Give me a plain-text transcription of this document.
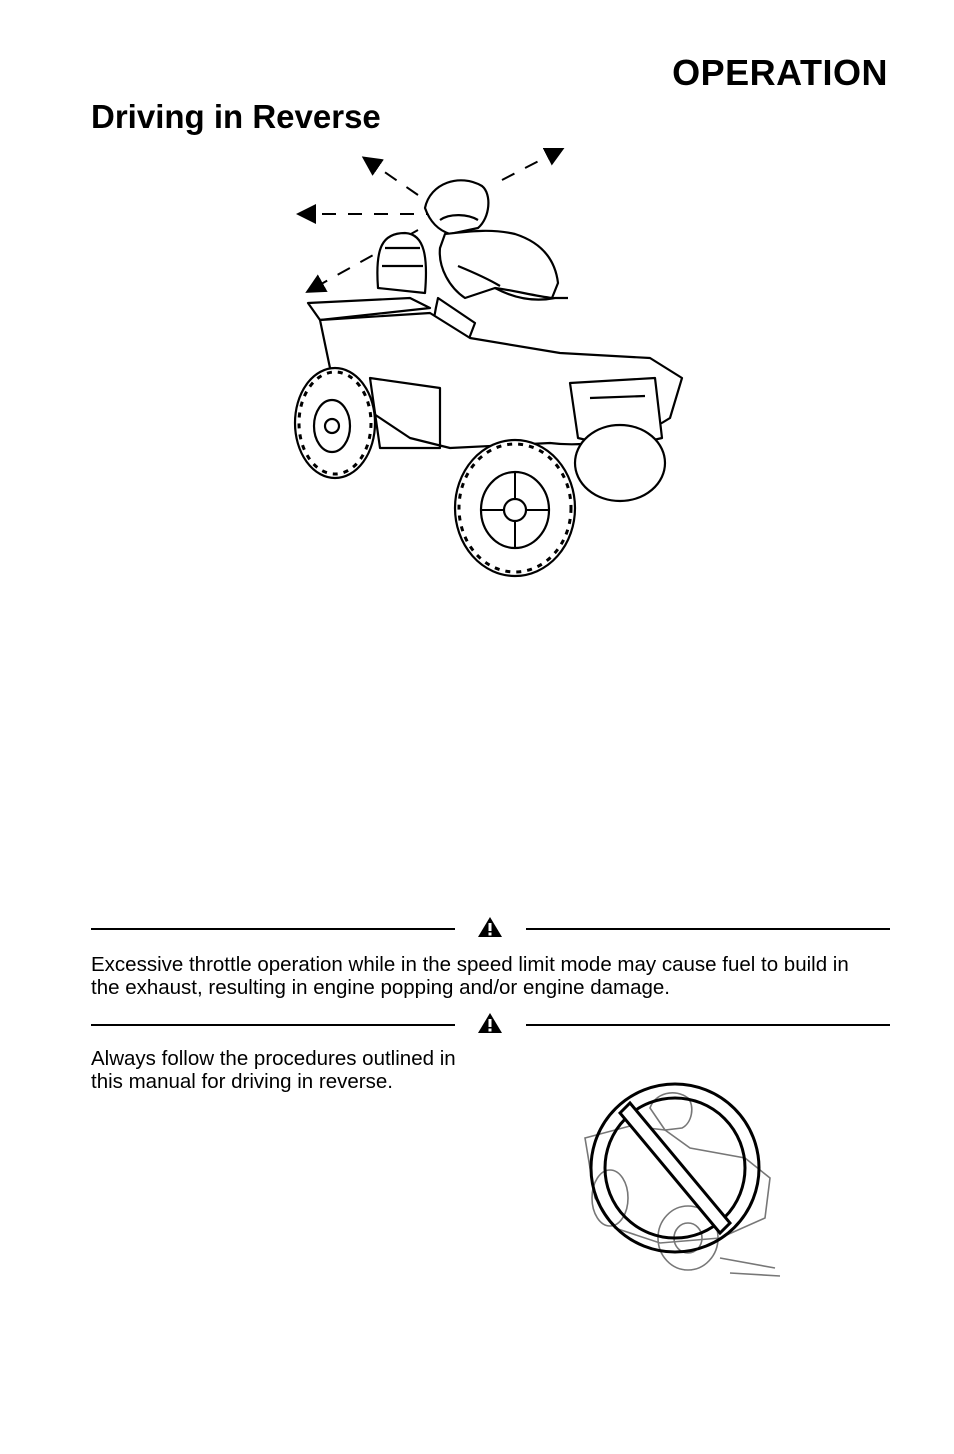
OPERATION
Driving in Reverse
Excessive throttle operation while in the speed limit mode may cause fuel to build in the exhaust, resulting in engine popping and/or engine damage.
Always follow the procedures outlined in this manual for driving in reverse.
